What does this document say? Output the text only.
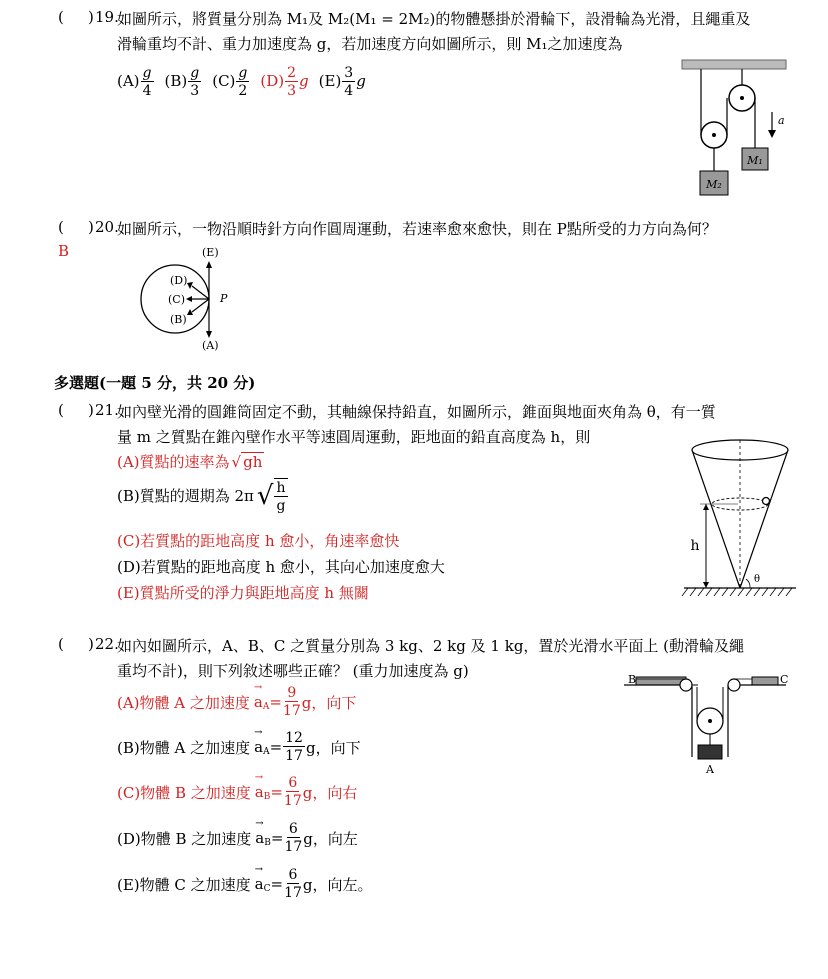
( ) 19.
如圖所示，將質量分別為 M₁及 M₂(M₁ = 2M₂)的物體懸掛於滑輪下，設滑輪為光滑，且繩重及
滑輪重均不計、重力加速度為 g，若加速度方向如圖所示，則 M₁之加速度為
$(A) \frac{g}{4} (B) \frac{g}{3} (C) \frac{g}{2} (D) \frac{2}{3}$ g $(E) \frac{3}{4}$ g
M₁
M₂
a
( ) 20.
如圖所示，一物沿順時針方向作圓周運動，若速率愈來愈快，則在 P點所受的力方向為何？
B	(E)
(D)
(C)
(B)
(A)
P
多選題(一題 5 分，共 20 分)
( ) 21.
如內壁光滑的圓錐筒固定不動，其軸線保持鉛直，如圖所示，錐面與地面夾角為 θ，有一質
量 m 之質點在錐內壁作水平等速圓周運動，距地面的鉛直高度為 h，則
(A)質點的速率為 √ gh
(B)質點的週期為 2π √ $\frac{h}{g}$
(C)若質點的距地高度 h 愈小，角速率愈快
(D)若質點的距地高度 h 愈小，其向心加速度愈大
(E)質點所受的淨力與距地高度 h 無關
h
θ
( ) 22.
如內如圖所示，A、B、C 之質量分別為 3 kg、2 kg 及 1 kg，置於光滑水平面上 (動滑輪及繩
重均不計)，則下列敘述哪些正確？ (重力加速度為 g)
(A)物體 A 之加速度 → $a_A = \frac{9}{17}$ g，向下
(B)物體 A 之加速度 → $a_A = \frac{12}{17}$ g，向下
(C)物體 B 之加速度 → $a_B = \frac{6}{17}$ g，向右
(D)物體 B 之加速度 → $a_B = \frac{6}{17}$ g，向左
(E)物體 C 之加速度 → $a_C = \frac{6}{17}$ g，向左。
B	C
A
